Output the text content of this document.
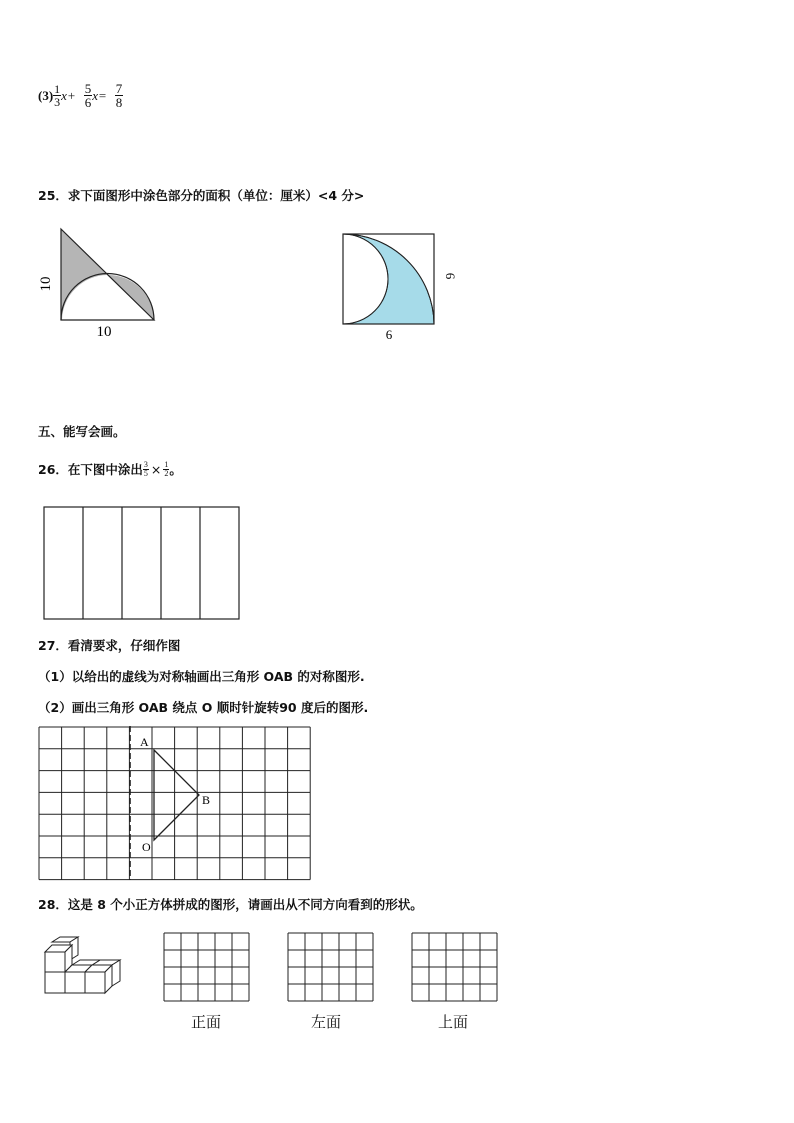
$(3) \frac{1}{3} x+ \frac{5}{6} x= \frac{7}{8}$
25．求下面图形中涂色部分的面积（单位：厘米）<4 分>
10
10
6
6
五、能写会画。
26．在下图中涂出 $\frac{3}{5} \times \frac{1}{2}$ 。
27．看清要求，仔细作图
（1）以给出的虚线为对称轴画出三角形 OAB 的对称图形.
（2）画出三角形 OAB 绕点 O 顺时针旋转90 度后的图形.
A
B
O
28．这是 8 个小正方体拼成的图形，请画出从不同方向看到的形状。
正面	左面	上面
